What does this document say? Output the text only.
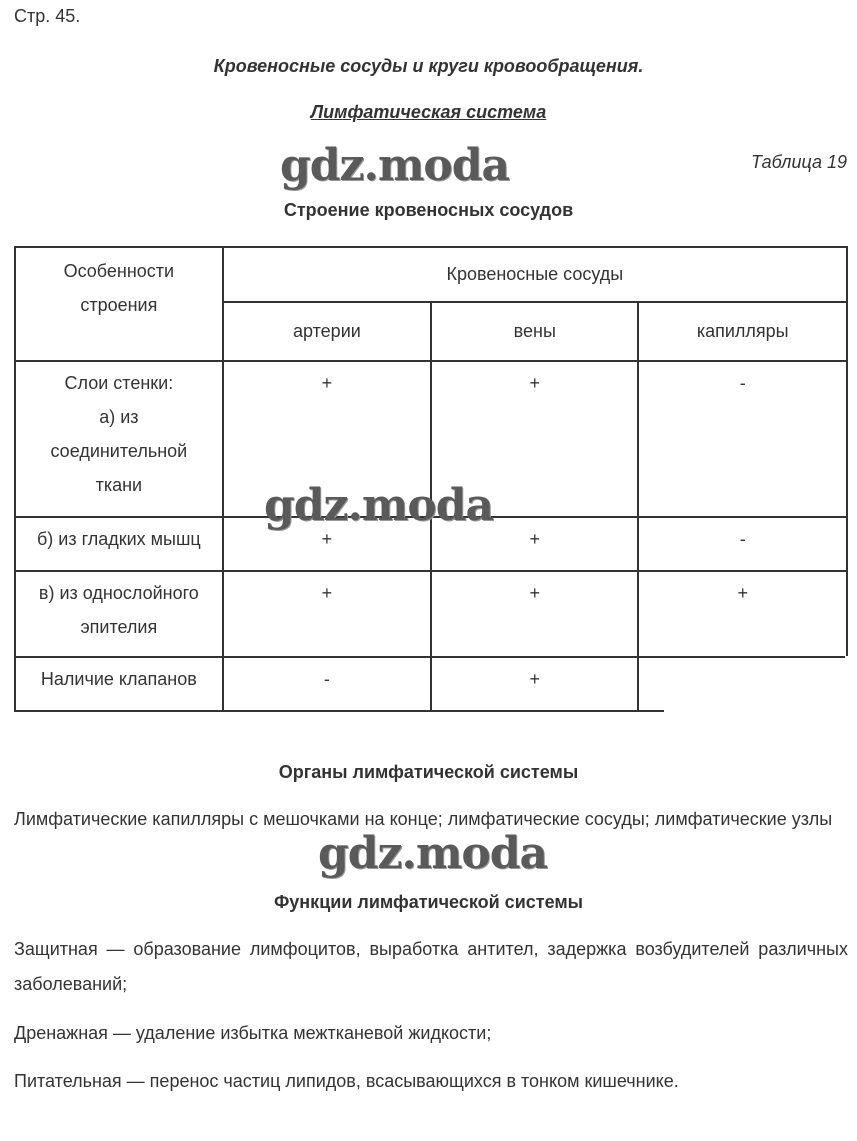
Стр. 45.
Кровеносные сосуды и круги кровообращения.
Лимфатическая система
Таблица 19
gdz.moda
Строение кровеносных сосудов
Особенности
строения	Кровеносные сосуды		
	артерии	вены	капилляры

Слои стенки:
а) из
соединительной
ткани	+	+	-

б) из гладких мышц	+	+	-

в) из однослойного
эпителия	+	+	+

Наличие клапанов	-	+	
gdz.moda
Органы лимфатической системы
Лимфатические капилляры с мешочками на конце; лимфатические сосуды; лимфатические узлы
gdz.moda
Функции лимфатической системы
Защитная — образование лимфоцитов, выработка антител, задержка возбудителей различных заболеваний;
Дренажная — удаление избытка межтканевой жидкости;
Питательная — перенос частиц липидов, всасывающихся в тонком кишечнике.
